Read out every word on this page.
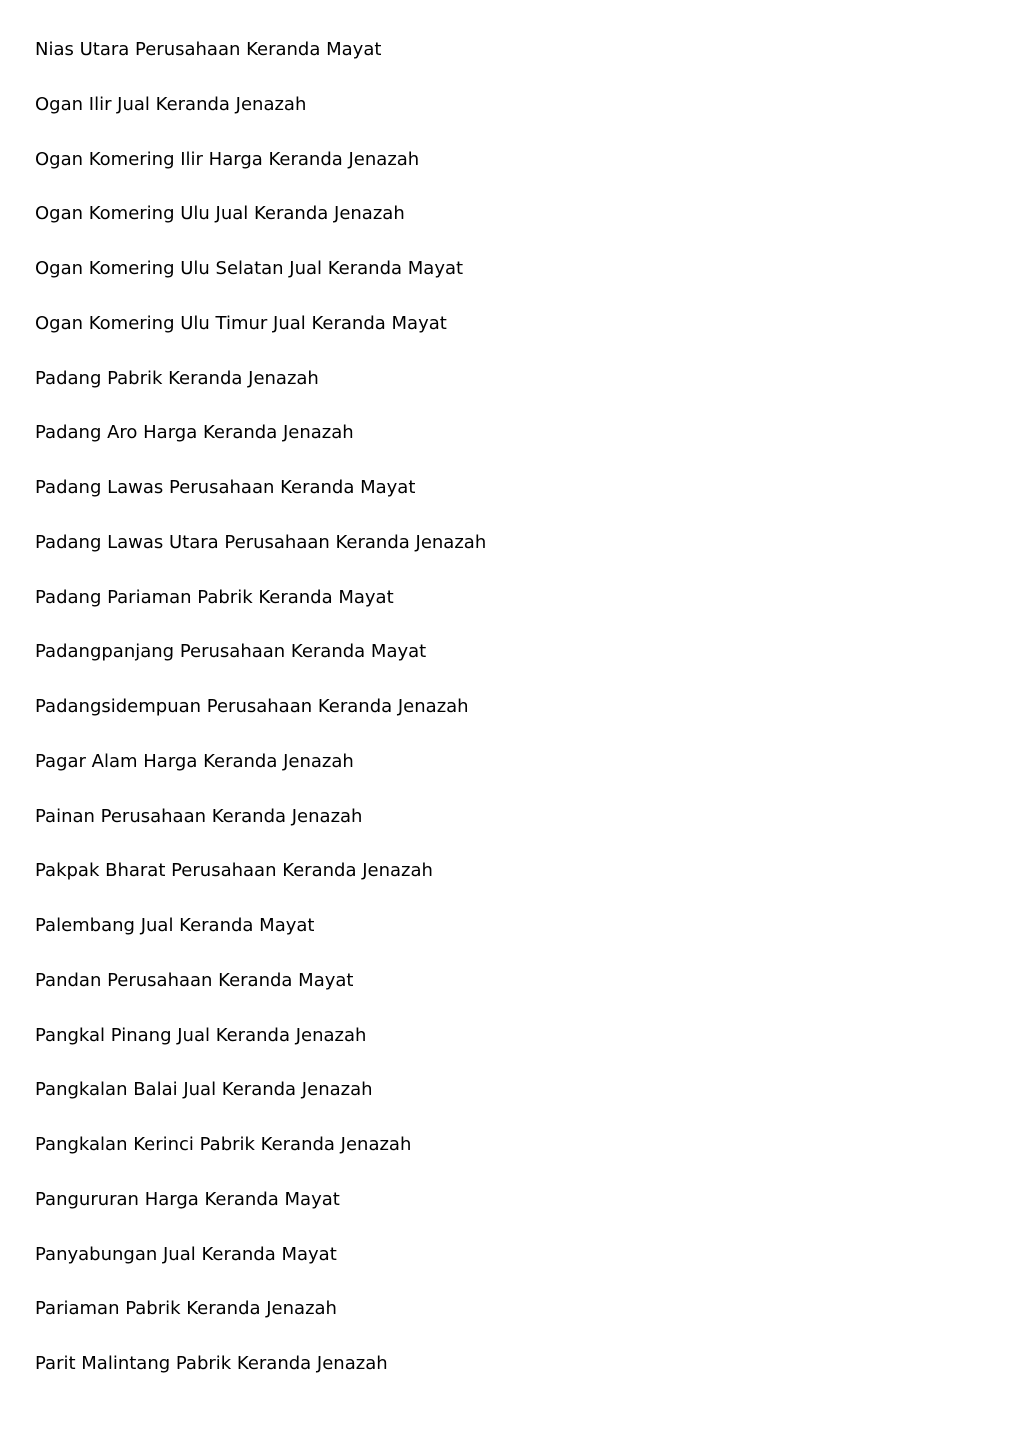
Nias Utara Perusahaan Keranda Mayat
Ogan Ilir Jual Keranda Jenazah
Ogan Komering Ilir Harga Keranda Jenazah
Ogan Komering Ulu Jual Keranda Jenazah
Ogan Komering Ulu Selatan Jual Keranda Mayat
Ogan Komering Ulu Timur Jual Keranda Mayat
Padang Pabrik Keranda Jenazah
Padang Aro Harga Keranda Jenazah
Padang Lawas Perusahaan Keranda Mayat
Padang Lawas Utara Perusahaan Keranda Jenazah
Padang Pariaman Pabrik Keranda Mayat
Padangpanjang Perusahaan Keranda Mayat
Padangsidempuan Perusahaan Keranda Jenazah
Pagar Alam Harga Keranda Jenazah
Painan Perusahaan Keranda Jenazah
Pakpak Bharat Perusahaan Keranda Jenazah
Palembang Jual Keranda Mayat
Pandan Perusahaan Keranda Mayat
Pangkal Pinang Jual Keranda Jenazah
Pangkalan Balai Jual Keranda Jenazah
Pangkalan Kerinci Pabrik Keranda Jenazah
Pangururan Harga Keranda Mayat
Panyabungan Jual Keranda Mayat
Pariaman Pabrik Keranda Jenazah
Parit Malintang Pabrik Keranda Jenazah
